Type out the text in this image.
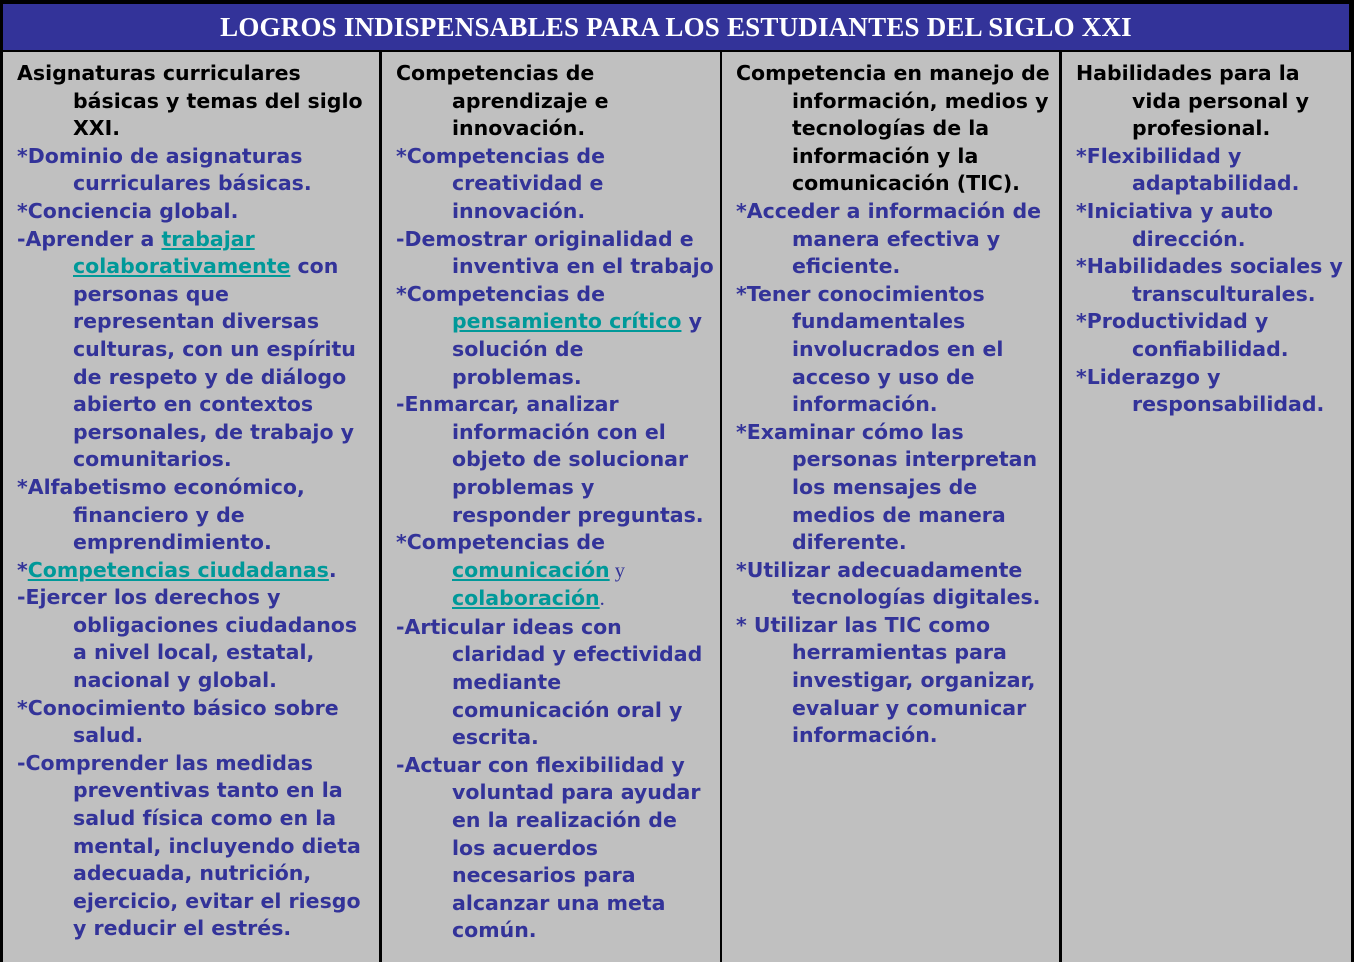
LOGROS INDISPENSABLES PARA LOS ESTUDIANTES DEL SIGLO XXI
Asignaturas curriculares básicas y temas del siglo XXI.
*Dominio de asignaturas curriculares básicas.
*Conciencia global.
-Aprender a trabajar colaborativamente con personas que representan diversas culturas, con un espíritu de respeto y de diálogo abierto en contextos personales, de trabajo y comunitarios.
*Alfabetismo económico, financiero y de emprendimiento.
*Competencias ciudadanas.
-Ejercer los derechos y obligaciones ciudadanos a nivel local, estatal, nacional y global.
*Conocimiento básico sobre salud.
-Comprender las medidas preventivas tanto en la salud física como en la mental, incluyendo dieta adecuada, nutrición, ejercicio, evitar el riesgo y reducir el estrés.
Competencias de aprendizaje e innovación.
*Competencias de creatividad e innovación.
-Demostrar originalidad e inventiva en el trabajo
*Competencias de pensamiento crítico y solución de problemas.
-Enmarcar, analizar información con el objeto de solucionar problemas y responder preguntas.
*Competencias de comunicación y colaboración.
-Articular ideas con claridad y efectividad mediante comunicación oral y escrita.
-Actuar con flexibilidad y voluntad para ayudar en la realización de los acuerdos necesarios para alcanzar una meta común.
Competencia en manejo de información, medios y tecnologías de la información y la comunicación (TIC).
*Acceder a información de manera efectiva y eficiente.
*Tener conocimientos fundamentales involucrados en el acceso y uso de información.
*Examinar cómo las personas interpretan los mensajes de medios de manera diferente.
*Utilizar adecuadamente tecnologías digitales.
* Utilizar las TIC como herramientas para investigar, organizar, evaluar y comunicar información.
Habilidades para la vida personal y profesional.
*Flexibilidad y adaptabilidad.
*Iniciativa y auto dirección.
*Habilidades sociales y transculturales.
*Productividad y confiabilidad.
*Liderazgo y responsabilidad.
